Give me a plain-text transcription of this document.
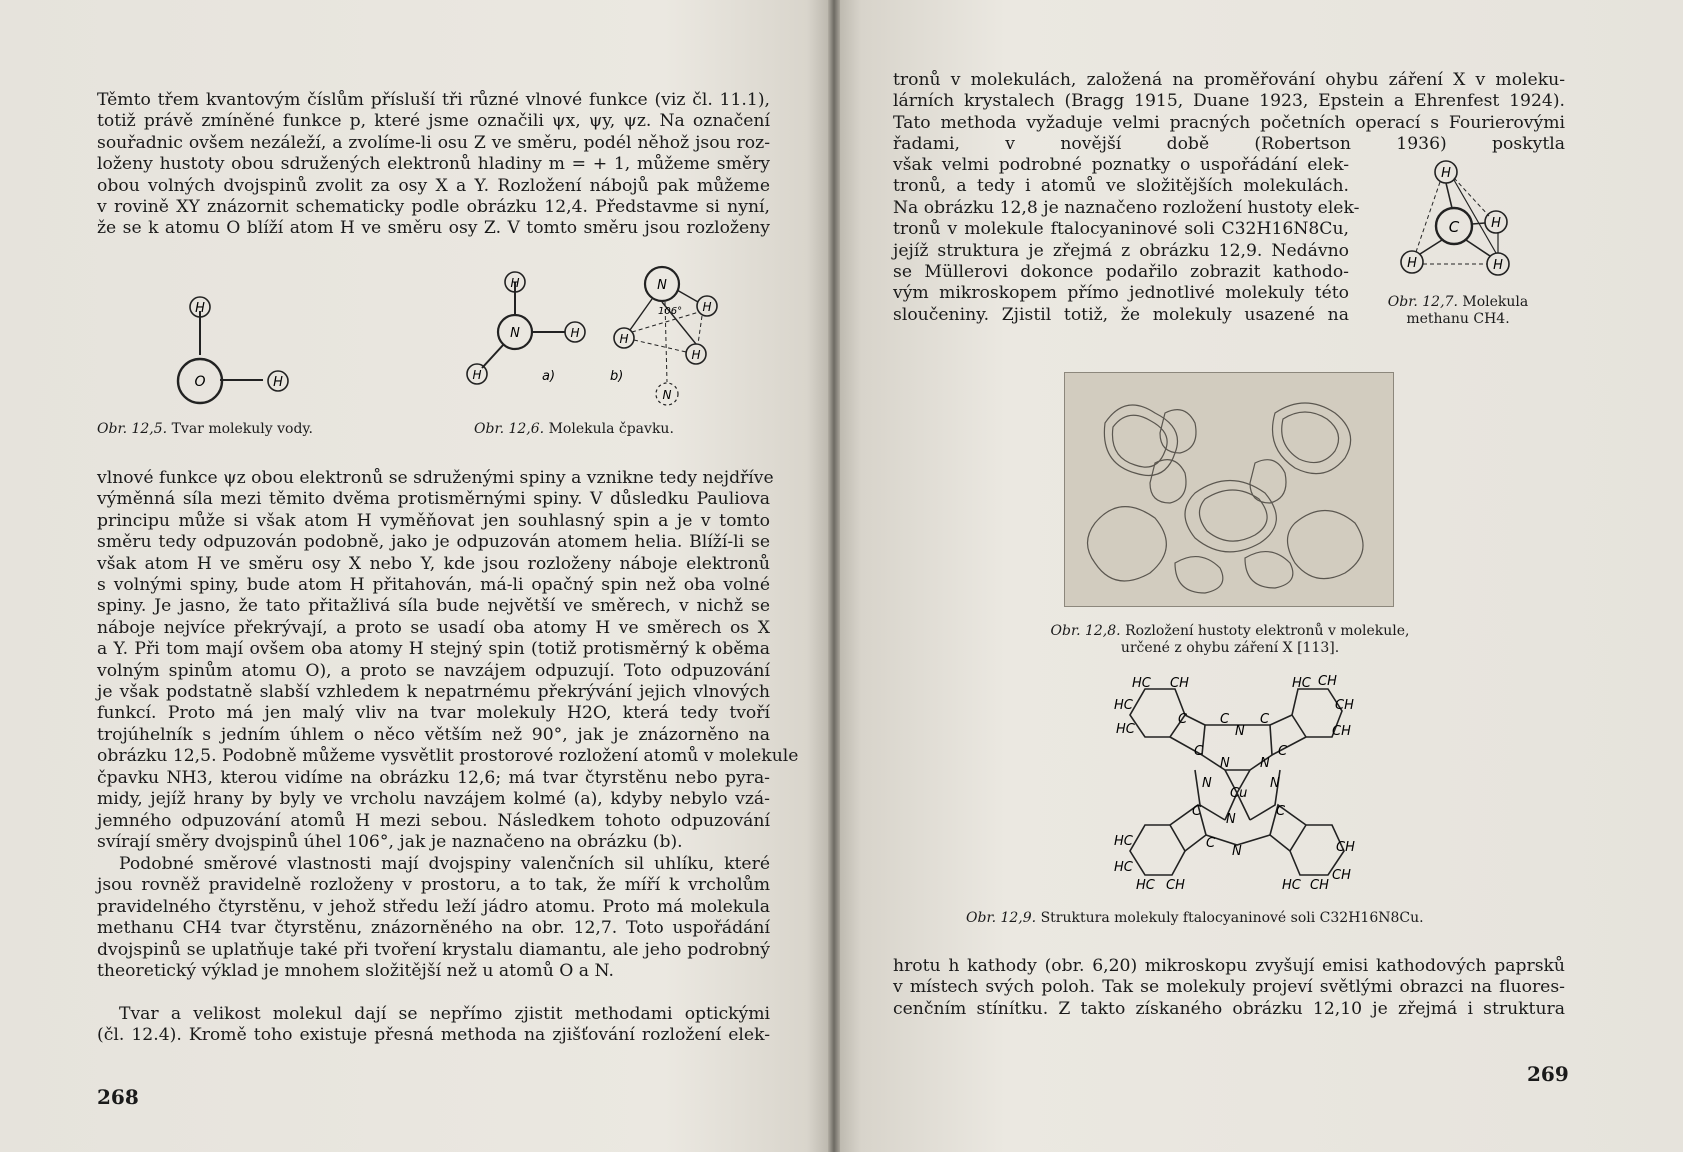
Těmto třem kvantovým číslům přísluší tři různé vlnové funkce (viz čl. 11.1),
totiž právě zmíněné funkce p, které jsme označili ψx, ψy, ψz. Na označení
souřadnic ovšem nezáleží, a zvolíme-li osu Z ve směru, podél něhož jsou roz-
loženy hustoty obou sdružených elektronů hladiny m = + 1, můžeme směry
obou volných dvojspinů zvolit za osy X a Y. Rozložení nábojů pak můžeme
v rovině XY znázornit schematicky podle obrázku 12,4. Představme si nyní,
že se k atomu O blíží atom H ve směru osy Z. V tomto směru jsou rozloženy
H
O	H
Obr. 12,5. Tvar molekuly vody.
N
H
H
H	a)
N
H
H
H
N
106°
b)
Obr. 12,6. Molekula čpavku.
vlnové funkce ψz obou elektronů se sdruženými spiny a vznikne tedy nejdříve
výměnná síla mezi těmito dvěma protisměrnými spiny. V důsledku Pauliova
principu může si však atom H vyměňovat jen souhlasný spin a je v tomto
směru tedy odpuzován podobně, jako je odpuzován atomem helia. Blíží-li se
však atom H ve směru osy X nebo Y, kde jsou rozloženy náboje elektronů
s volnými spiny, bude atom H přitahován, má-li opačný spin než oba volné
spiny. Je jasno, že tato přitažlivá síla bude největší ve směrech, v nichž se
náboje nejvíce překrývají, a proto se usadí oba atomy H ve směrech os X
a Y. Při tom mají ovšem oba atomy H stejný spin (totiž protisměrný k oběma
volným spinům atomu O), a proto se navzájem odpuzují. Toto odpuzování
je však podstatně slabší vzhledem k nepatrnému překrývání jejich vlnových
funkcí. Proto má jen malý vliv na tvar molekuly H2O, která tedy tvoří
trojúhelník s jedním úhlem o něco větším než 90°, jak je znázorněno na
obrázku 12,5. Podobně můžeme vysvětlit prostorové rozložení atomů v molekule
čpavku NH3, kterou vidíme na obrázku 12,6; má tvar čtyrstěnu nebo pyra-
midy, jejíž hrany by byly ve vrcholu navzájem kolmé (a), kdyby nebylo vzá-
jemného odpuzování atomů H mezi sebou. Následkem tohoto odpuzování
svírají směry dvojspinů úhel 106°, jak je naznačeno na obrázku (b).
Podobné směrové vlastnosti mají dvojspiny valenčních sil uhlíku, které
jsou rovněž pravidelně rozloženy v prostoru, a to tak, že míří k vrcholům
pravidelného čtyrstěnu, v jehož středu leží jádro atomu. Proto má molekula
methanu CH4 tvar čtyrstěnu, znázorněného na obr. 12,7. Toto uspořádání
dvojspinů se uplatňuje také při tvoření krystalu diamantu, ale jeho podrobný
theoretický výklad je mnohem složitější než u atomů O a N.
Tvar a velikost molekul dají se nepřímo zjistit methodami optickými
(čl. 12.4). Kromě toho existuje přesná methoda na zjišťování rozložení elek-
268
tronů v molekulách, založená na proměřování ohybu záření X v moleku-
lárních krystalech (Bragg 1915, Duane 1923, Epstein a Ehrenfest 1924).
Tato methoda vyžaduje velmi pracných početních operací s Fourierovými
řadami, v novější době (Robertson 1936) poskytla
však velmi podrobné poznatky o uspořádání elek-
tronů, a tedy i atomů ve složitějších molekulách.
Na obrázku 12,8 je naznačeno rozložení hustoty elek-
tronů v molekule ftalocyaninové soli C32H16N8Cu,
jejíž struktura je zřejmá z obrázku 12,9. Nedávno
se Müllerovi dokonce podařilo zobrazit kathodo-
vým mikroskopem přímo jednotlivé molekuly této
sloučeniny. Zjistil totiž, že molekuly usazené na
H
C H
H	H
Obr. 12,7. Molekula
methanu CH4.
Obr. 12,8. Rozložení hustoty elektronů v molekule,
určené z ohybu záření X [113].
HC CH
HC
HC
C	C
N
C
HC CH
CH
CH
C
N
N
Cu
N
N
C
N
C
HC
HC
HC CH	HC
CH
CH
CH
C
N
C
Obr. 12,9. Struktura molekuly ftalocyaninové soli C32H16N8Cu.
hrotu h kathody (obr. 6,20) mikroskopu zvyšují emisi kathodových paprsků
v místech svých poloh. Tak se molekuly projeví světlými obrazci na fluores-
cenčním stínítku. Z takto získaného obrázku 12,10 je zřejmá i struktura
269
